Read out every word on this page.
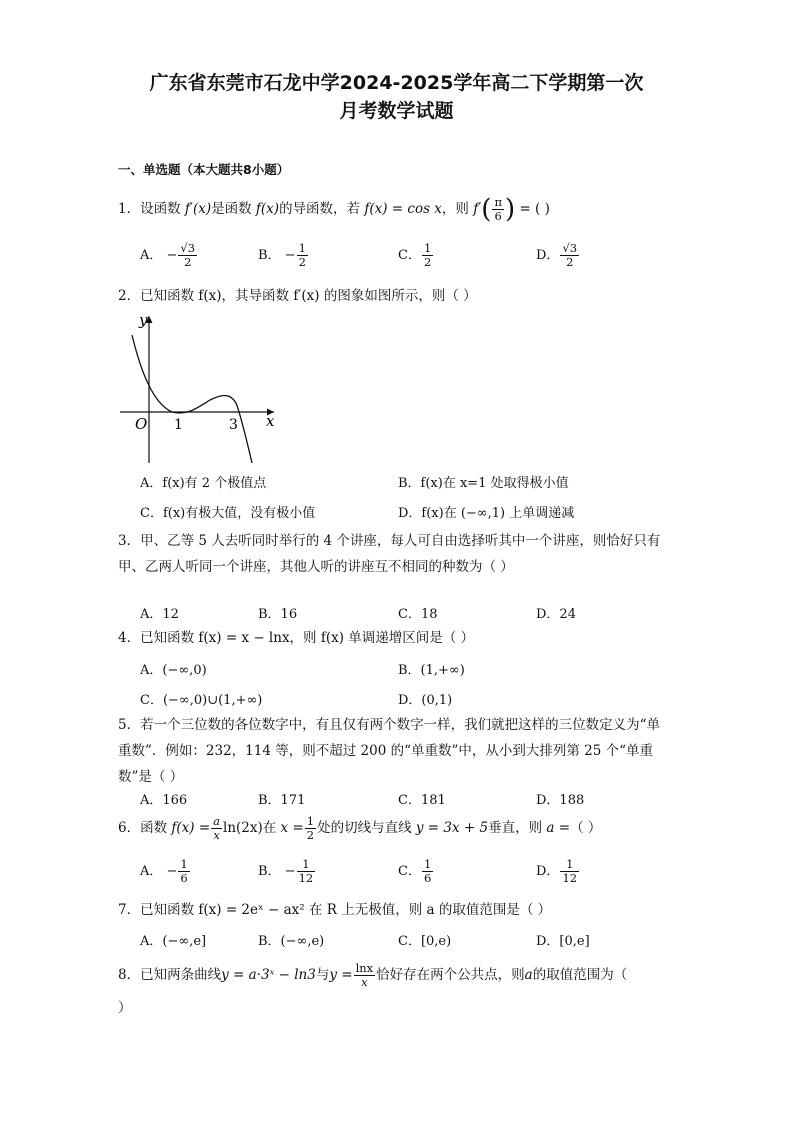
广东省东莞市石龙中学2024-2025学年高二下学期第一次
月考数学试题
一、单选题（本大题共8小题）
1．设函数 f′(x)是函数 f(x)的导函数，若 f(x) = cos x，则 $f'( \frac{\pi}{6}$ ) = ( )
A． − $\frac{√3}{2}$	B． − $\frac{1}{2}$	C． $\frac{1}{2}$	D． $\frac{√3}{2}$
2．已知函数 f(x)，其导函数 f′(x) 的图象如图所示，则（ ）
y
x
O 1	3
A．f(x)有 2 个极值点	B．f(x)在 x=1 处取得极小值
C．f(x)有极大值，没有极小值	D．f(x)在 (−∞,1) 上单调递减
3．甲、乙等 5 人去听同时举行的 4 个讲座，每人可自由选择听其中一个讲座，则恰好只有甲、乙两人听同一个讲座，其他人听的讲座互不相同的种数为（ ）
A．12	B．16	C．18	D．24
4．已知函数 f(x) = x − lnx，则 f(x) 单调递增区间是（ ）
A．(−∞,0)	B．(1,+∞)
C．(−∞,0)∪(1,+∞)	D．(0,1)
5．若一个三位数的各位数字中，有且仅有两个数字一样，我们就把这样的三位数定义为“单重数”．例如：232，114 等，则不超过 200 的“单重数”中，从小到大排列第 25 个“单重数”是（ ）
A．166	B．171	C．181	D．188
6．函数 $f(x) = \frac{a}{x} \ln(2x)$在 $x = \frac{1}{2}$ 处的切线与直线 y = 3x + 5垂直，则 a =（ ）
A． − $\frac{1}{6}$	B． − $\frac{1}{12}$	C． $\frac{1}{6}$	D． $\frac{1}{12}$
7．已知函数 f(x) = 2eˣ − ax² 在 R 上无极值，则 a 的取值范围是（ ）
A．(−∞,e]	B．(−∞,e)	C．[0,e)	D．[0,e]
8．已知两条曲线y = a·3ˣ − ln3与$y = \frac{\ln x}{x}$ 恰好存在两个公共点，则a的取值范围为（
）
